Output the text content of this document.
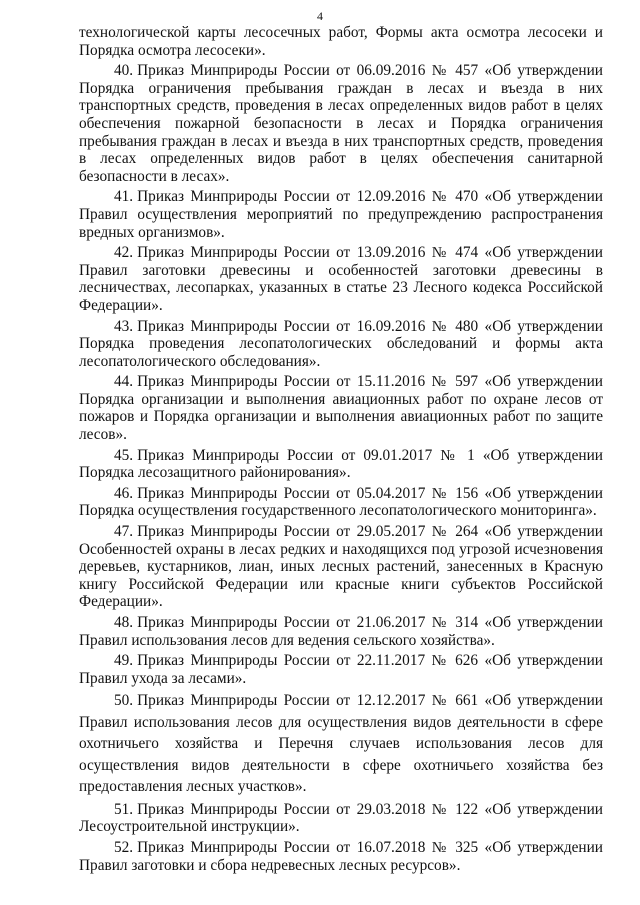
4

технологической карты лесосечных работ, Формы акта осмотра лесосеки и Порядка осмотра лесосеки».

40. Приказ Минприроды России от 06.09.2016 № 457 «Об утверждении Порядка ограничения пребывания граждан в лесах и въезда в них транспортных средств, проведения в лесах определенных видов работ в целях обеспечения пожарной безопасности в лесах и Порядка ограничения пребывания граждан в лесах и въезда в них транспортных средств, проведения в лесах определенных видов работ в целях обеспечения санитарной безопасности в лесах».

41. Приказ Минприроды России от 12.09.2016 № 470 «Об утверждении Правил осуществления мероприятий по предупреждению распространения вредных организмов».

42. Приказ Минприроды России от 13.09.2016 № 474 «Об утверждении Правил заготовки древесины и особенностей заготовки древесины в лесничествах, лесопарках, указанных в статье 23 Лесного кодекса Российской Федерации».

43. Приказ Минприроды России от 16.09.2016 № 480 «Об утверждении Порядка проведения лесопатологических обследований и формы акта лесопатологического обследования».

44. Приказ Минприроды России от 15.11.2016 № 597 «Об утверждении Порядка организации и выполнения авиационных работ по охране лесов от пожаров и Порядка организации и выполнения авиационных работ по защите лесов».

45. Приказ Минприроды России от 09.01.2017 № 1 «Об утверждении Порядка лесозащитного районирования».

46. Приказ Минприроды России от 05.04.2017 № 156 «Об утверждении Порядка осуществления государственного лесопатологического мониторинга».

47. Приказ Минприроды России от 29.05.2017 № 264 «Об утверждении Особенностей охраны в лесах редких и находящихся под угрозой исчезновения деревьев, кустарников, лиан, иных лесных растений, занесенных в Красную книгу Российской Федерации или красные книги субъектов Российской Федерации».

48. Приказ Минприроды России от 21.06.2017 № 314 «Об утверждении Правил использования лесов для ведения сельского хозяйства».

49. Приказ Минприроды России от 22.11.2017 № 626 «Об утверждении Правил ухода за лесами».

50. Приказ Минприроды России от 12.12.2017 № 661 «Об утверждении Правил использования лесов для осуществления видов деятельности в сфере охотничьего хозяйства и Перечня случаев использования лесов для осуществления видов деятельности в сфере охотничьего хозяйства без предоставления лесных участков».

51. Приказ Минприроды России от 29.03.2018 № 122 «Об утверждении Лесоустроительной инструкции».

52. Приказ Минприроды России от 16.07.2018 № 325 «Об утверждении Правил заготовки и сбора недревесных лесных ресурсов».
